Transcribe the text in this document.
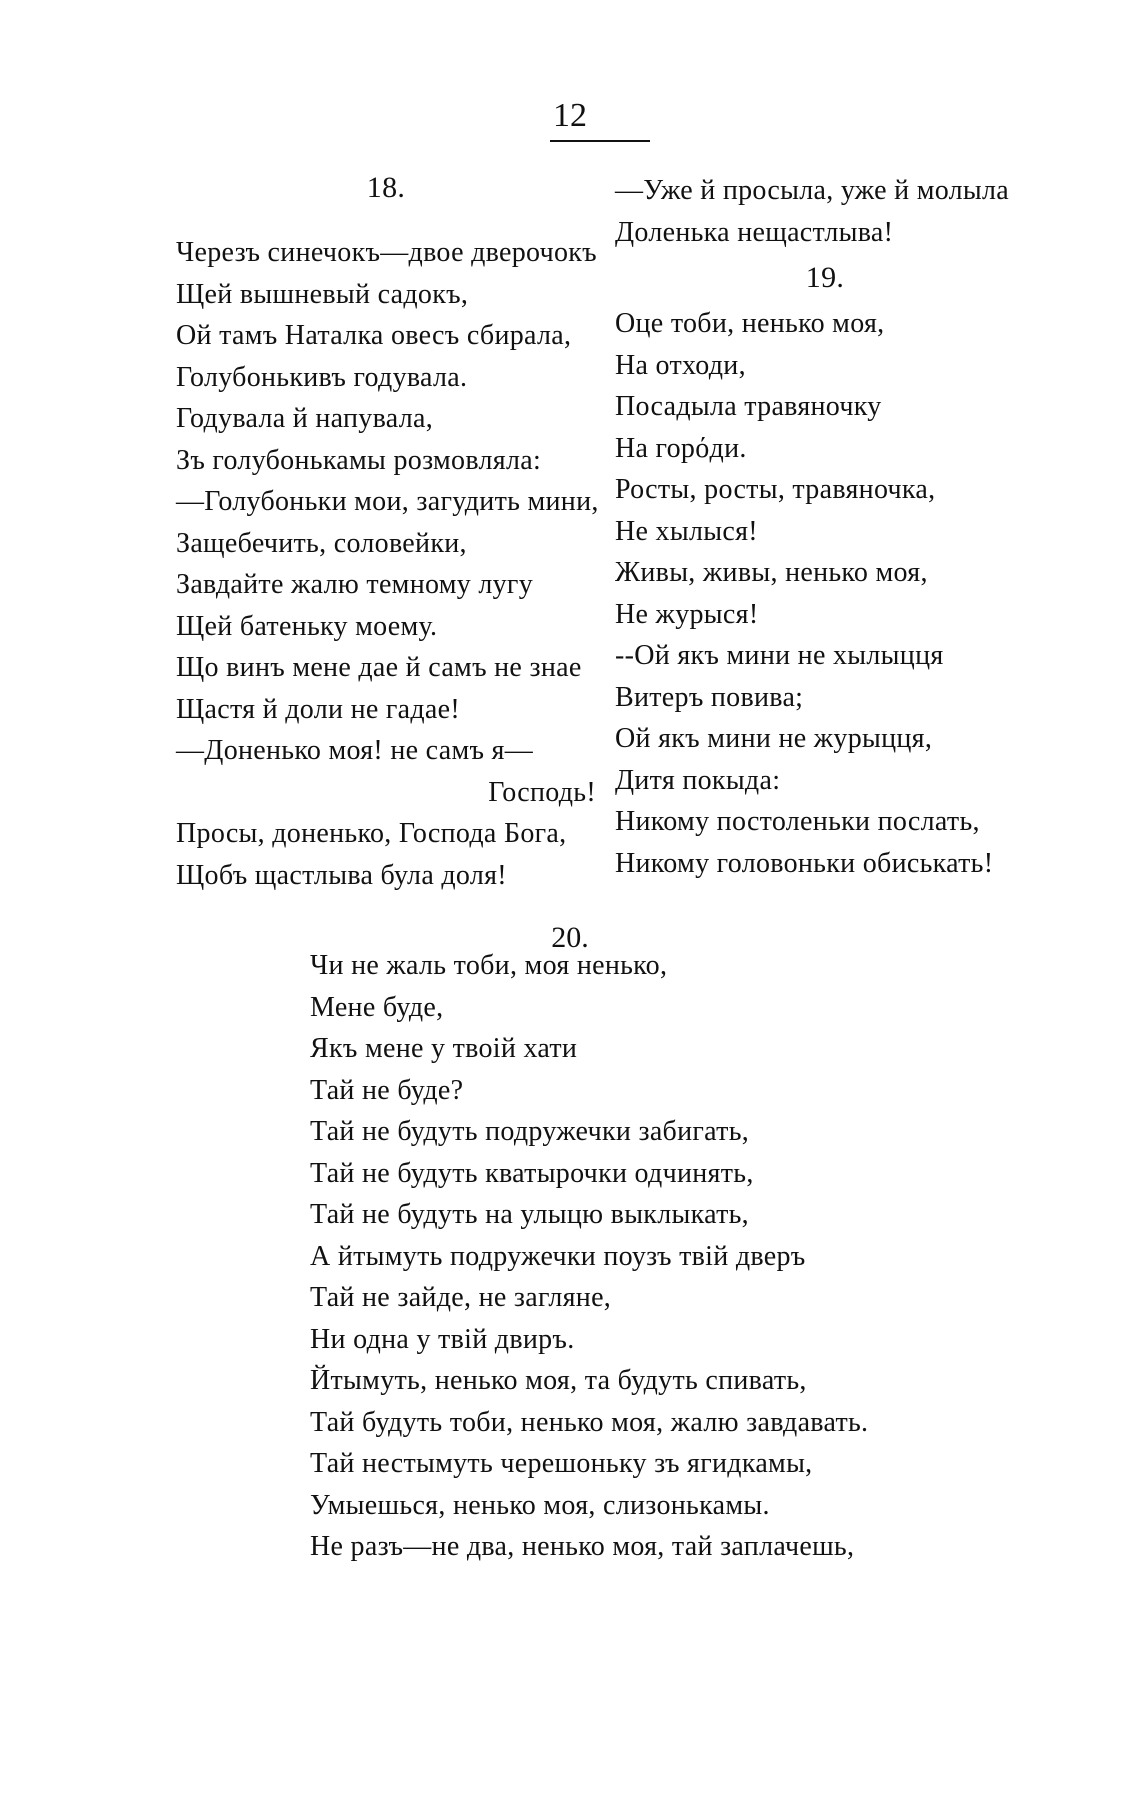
12
18.
Черезъ синечокъ—двое дверочокъ
Щей вышневый садокъ,
Ой тамъ Наталка овесъ сбирала,
Голубонькивъ годувала.
Годувала й напувала,
Зъ голубонькамы розмовляла:
—Голубоньки мои, загудить мини,
Защебечить, соловейки,
Завдайте жалю темному лугу
Щей батеньку моему.
Що винъ мене дае й самъ не знае
Щастя й доли не гадае!
—Доненько моя! не самъ я—
Господь!
Просы, доненько, Господа Бога,
Щобъ щастлыва була доля!
—Уже й просыла, уже й молыла
Доленька нещастлыва!
19.
Оце тоби, ненько моя,
На отходи,
Посадыла травяночку
На горόди.
Росты, росты, травяночка,
Не хылыся!
Живы, живы, ненько моя,
Не журыся!
--Ой якъ мини не хылыцця
Витеръ повива;
Ой якъ мини не журыцця,
Дитя покыда:
Никому постоленьки послать,
Никому головоньки обиськать!
20.
Чи не жаль тоби, моя ненько,
Мене буде,
Якъ мене у твоій хати
Тай не буде?
Тай не будуть подружечки забигать,
Тай не будуть кватырочки одчинять,
Тай не будуть на улыцю выклыкать,
А йтымуть подружечки поузъ твій дверъ
Тай не зайде, не загляне,
Ни одна у твій двиръ.
Йтымуть, ненько моя, та будуть спивать,
Тай будуть тоби, ненько моя, жалю завдавать.
Тай нестымуть черешоньку зъ ягидкамы,
Умыешься, ненько моя, слизонькамы.
Не разъ—не два, ненько моя, тай заплачешь,
